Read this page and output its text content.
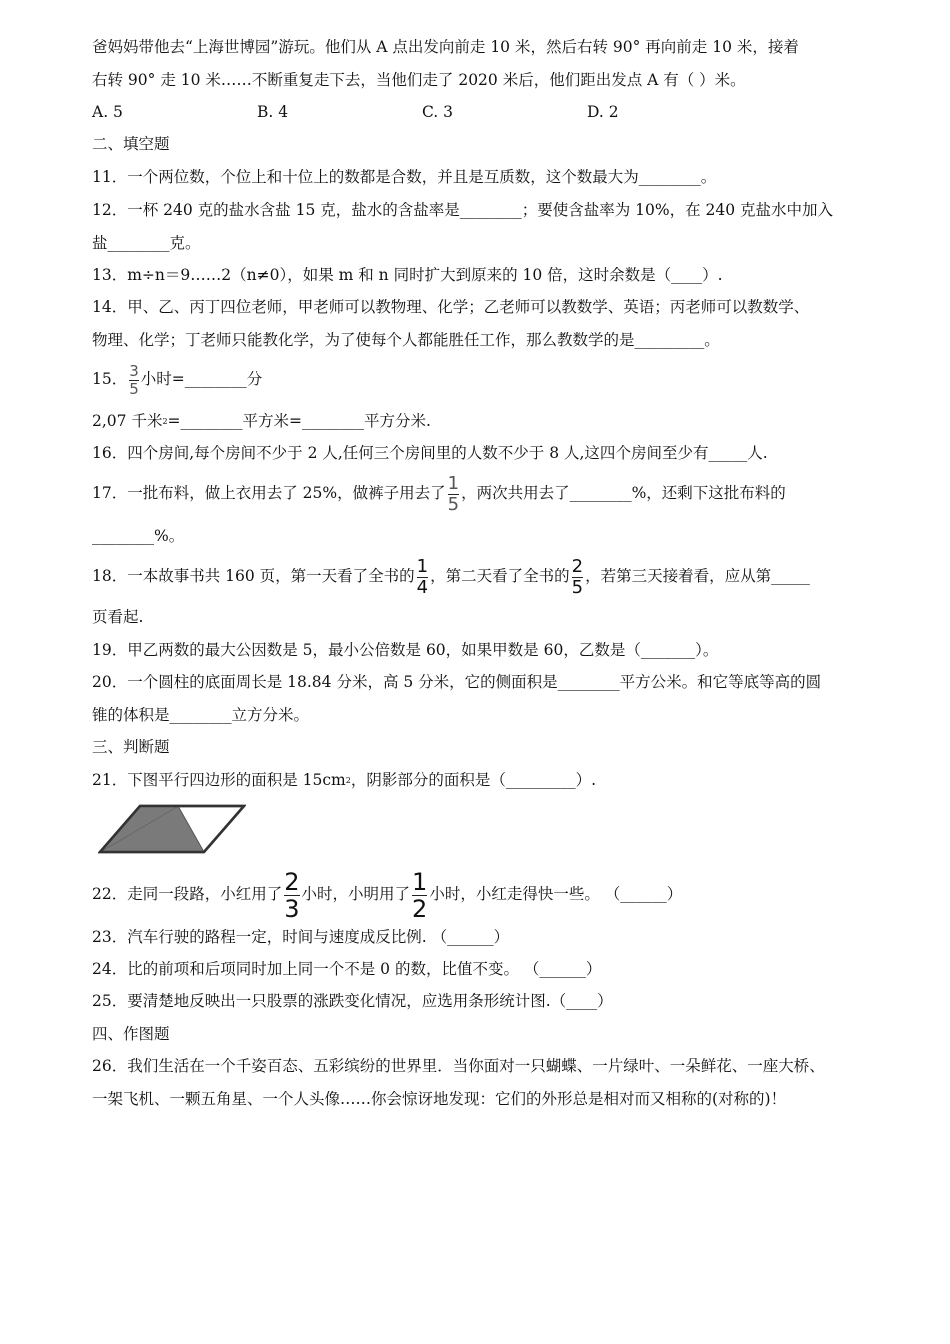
爸妈妈带他去“上海世博园”游玩。他们从 A 点出发向前走 10 米，然后右转 90° 再向前走 10 米，接着
右转 90° 走 10 米……不断重复走下去，当他们走了 2020 米后，他们距出发点 A 有（ ）米。
A. 5	B. 4	C. 3	D. 2
二、填空题
11．一个两位数，个位上和十位上的数都是合数，并且是互质数，这个数最大为________。
12．一杯 240 克的盐水含盐 15 克，盐水的含盐率是________；要使含盐率为 10%，在 240 克盐水中加入
盐________克。
13．m÷n＝9……2（n≠0），如果 m 和 n 同时扩大到原来的 10 倍，这时余数是（____）.
14．甲、乙、丙丁四位老师，甲老师可以教物理、化学；乙老师可以教数学、英语；丙老师可以教数学、
物理、化学；丁老师只能教化学，为了使每个人都能胜任工作，那么教数学的是_________。
15． $\frac{3}{5}$ 小时=________分
2,07 千米$^2$=________平方米=________平方分米.
16．四个房间,每个房间不少于 2 人,任何三个房间里的人数不少于 8 人,这四个房间至少有_____人.
17．一批布料，做上衣用去了 25%，做裤子用去了 $\frac{1}{5}$ ，两次共用去了________%，还剩下这批布料的
________%。
18．一本故事书共 160 页，第一天看了全书的 $\frac{1}{4}$ ，第二天看了全书的 $\frac{2}{5}$ ，若第三天接着看，应从第_____
页看起.
19．甲乙两数的最大公因数是 5，最小公倍数是 60，如果甲数是 60，乙数是（_______）。
20．一个圆柱的底面周长是 18.84 分米，高 5 分米，它的侧面积是________平方公米。和它等底等高的圆
锥的体积是________立方分米。
三、判断题
21．下图平行四边形的面积是 $15cm^2$，阴影部分的面积是（_________）.
22．走同一段路，小红用了 $\frac{2}{3}$ 小时，小明用了 $\frac{1}{2}$ 小时，小红走得快一些。 （______）
23．汽车行驶的路程一定，时间与速度成反比例. （______）
24．比的前项和后项同时加上同一个不是 0 的数，比值不变。 （______）
25．要清楚地反映出一只股票的涨跌变化情况，应选用条形统计图.（____）
四、作图题
26．我们生活在一个千姿百态、五彩缤纷的世界里．当你面对一只蝴蝶、一片绿叶、一朵鲜花、一座大桥、
一架飞机、一颗五角星、一个人头像……你会惊讶地发现：它们的外形总是相对而又相称的(对称的)！
